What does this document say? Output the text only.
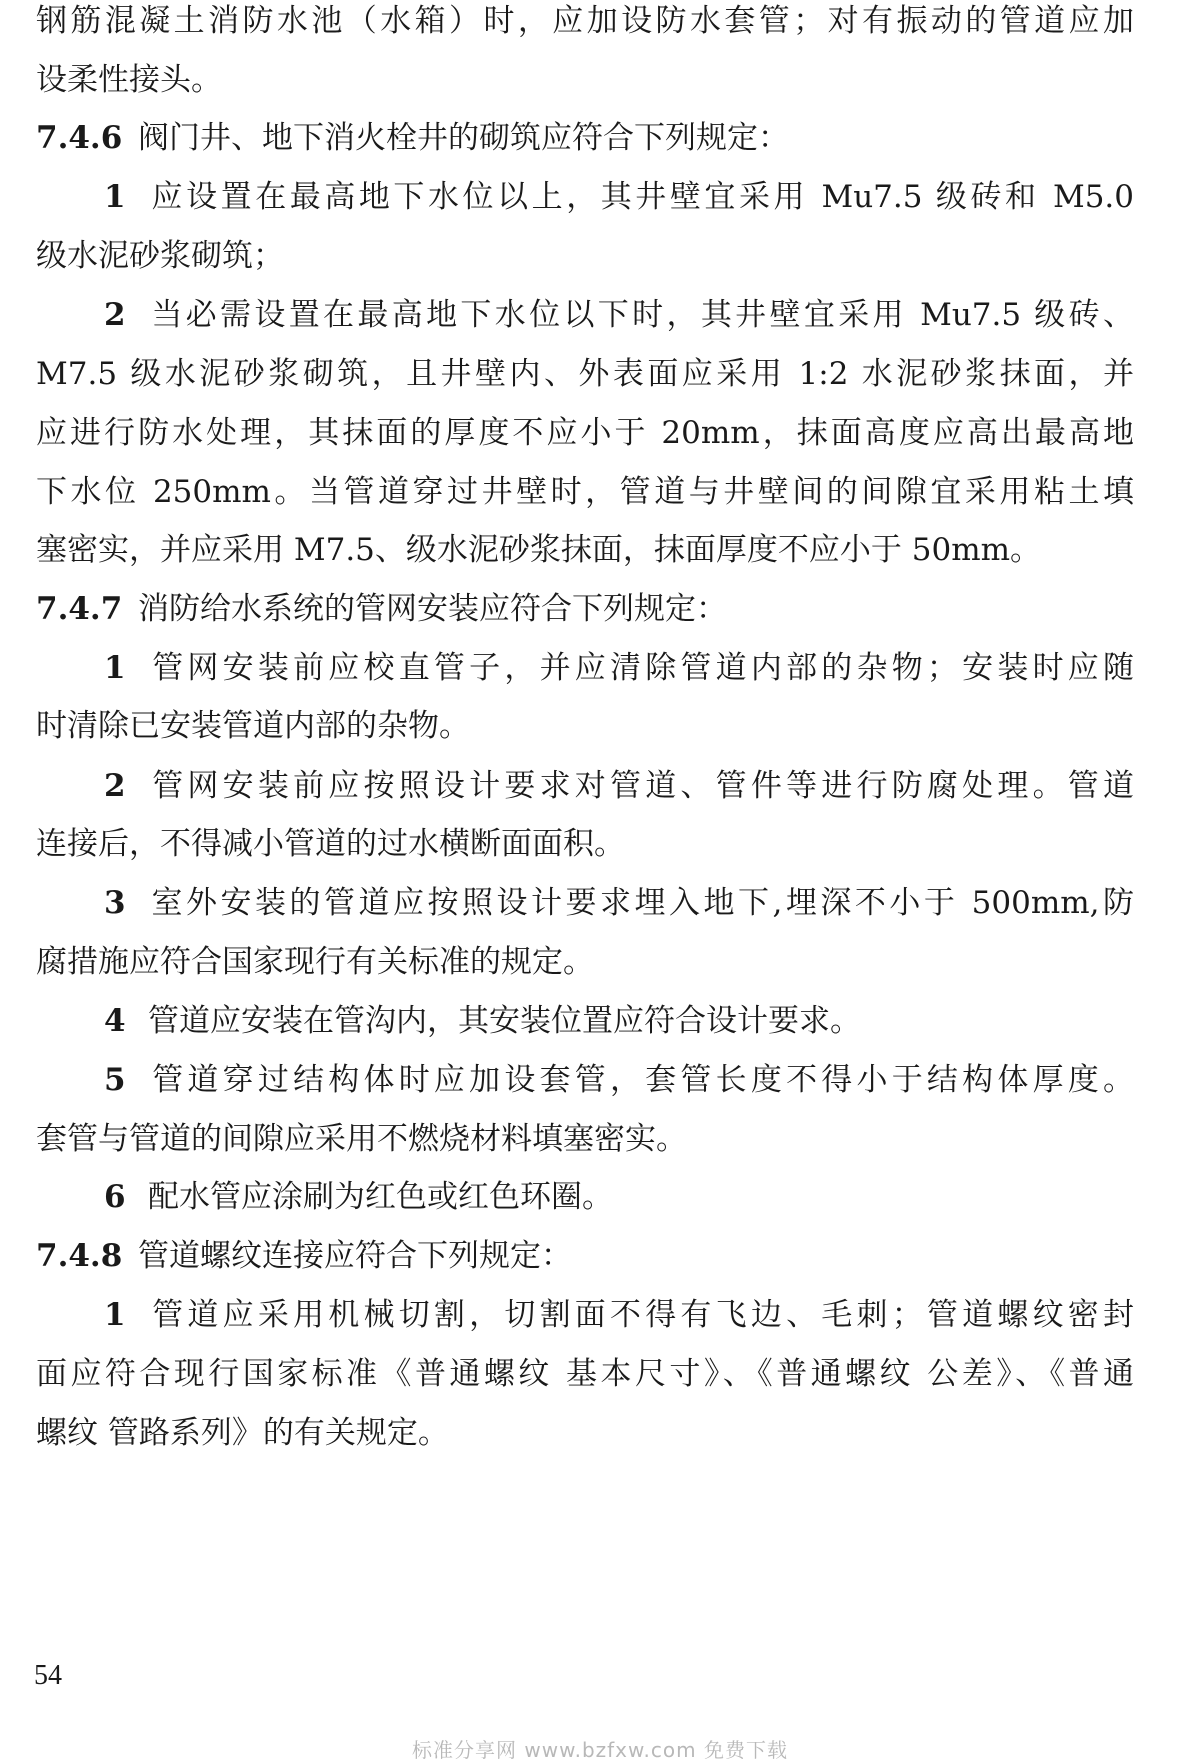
钢筋混凝土消防水池（水箱）时，应加设防水套管；对有振动的管道应加
设柔性接头。
7.4.6 阀门井、地下消火栓井的砌筑应符合下列规定：
1 应设置在最高地下水位以上，其井壁宜采用 Mu7.5 级砖和 M5.0
级水泥砂浆砌筑；
2 当必需设置在最高地下水位以下时，其井壁宜采用 Mu7.5 级砖、
M7.5 级水泥砂浆砌筑，且井壁内、外表面应采用 1:2 水泥砂浆抹面，并
应进行防水处理，其抹面的厚度不应小于 20mm，抹面高度应高出最高地
下水位 250mm。当管道穿过井壁时，管道与井壁间的间隙宜采用粘土填
塞密实，并应采用 M7.5、级水泥砂浆抹面，抹面厚度不应小于 50mm。
7.4.7 消防给水系统的管网安装应符合下列规定：
1 管网安装前应校直管子，并应清除管道内部的杂物；安装时应随
时清除已安装管道内部的杂物。
2 管网安装前应按照设计要求对管道、管件等进行防腐处理。管道
连接后，不得减小管道的过水横断面面积。
3 室外安装的管道应按照设计要求埋入地下,埋深不小于 500mm,防
腐措施应符合国家现行有关标准的规定。
4 管道应安装在管沟内，其安装位置应符合设计要求。
5 管道穿过结构体时应加设套管，套管长度不得小于结构体厚度。
套管与管道的间隙应采用不燃烧材料填塞密实。
6 配水管应涂刷为红色或红色环圈。
7.4.8 管道螺纹连接应符合下列规定：
1 管道应采用机械切割，切割面不得有飞边、毛刺；管道螺纹密封
面应符合现行国家标准《普通螺纹 基本尺寸》、《普通螺纹 公差》、《普通
螺纹 管路系列》的有关规定。
54
标准分享网 www.bzfxw.com 免费下载
